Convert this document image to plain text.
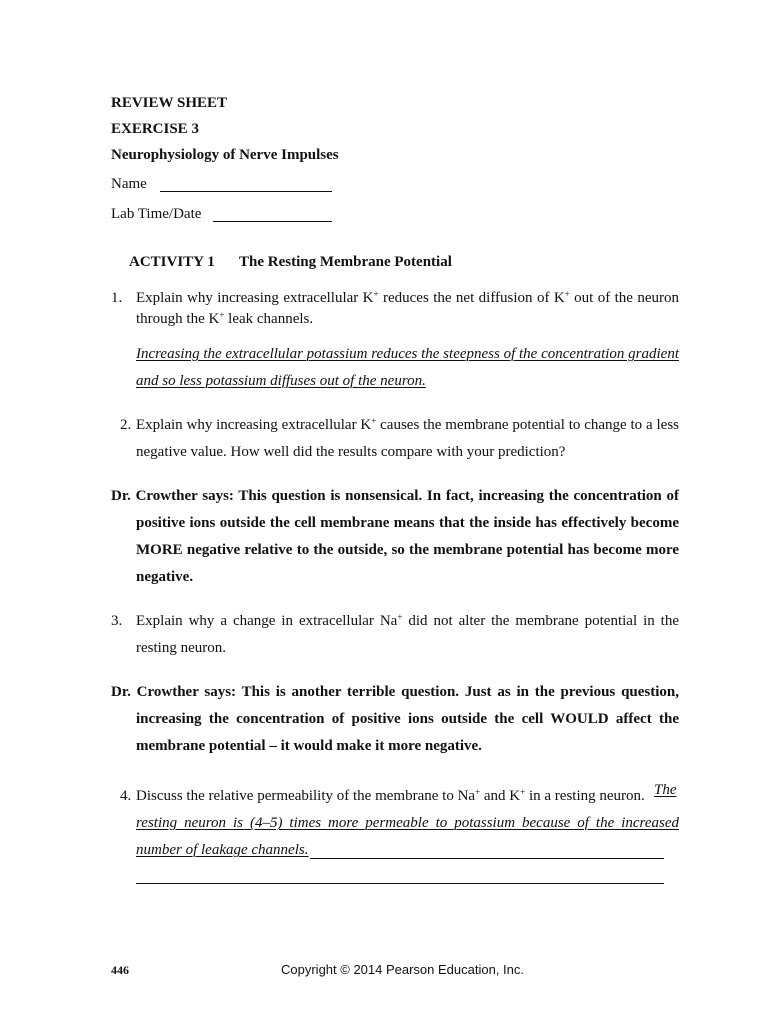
REVIEW SHEET
EXERCISE 3
Neurophysiology of Nerve Impulses
Name
Lab Time/Date
ACTIVITY 1 The Resting Membrane Potential
1. Explain why increasing extracellular K+ reduces the net diffusion of K+ out of the neuron
through the K+ leak channels.
Increasing the extracellular potassium reduces the steepness of the concentration gradient
and so less potassium diffuses out of the neuron.
2. Explain why increasing extracellular K+ causes the membrane potential to change to a less
negative value. How well did the results compare with your prediction?
Dr. Crowther says: This question is nonsensical. In fact, increasing the concentration of
positive ions outside the cell membrane means that the inside has effectively become
MORE negative relative to the outside, so the membrane potential has become more
negative.
3. Explain why a change in extracellular Na+ did not alter the membrane potential in the
resting neuron.
Dr. Crowther says: This is another terrible question. Just as in the previous question,
increasing the concentration of positive ions outside the cell WOULD affect the
membrane potential – it would make it more negative.
4. Discuss the relative permeability of the membrane to Na+ and K+ in a resting neuron. The
resting neuron is (4–5) times more permeable to potassium because of the increased
number of leakage channels.
446	Copyright © 2014 Pearson Education, Inc.
